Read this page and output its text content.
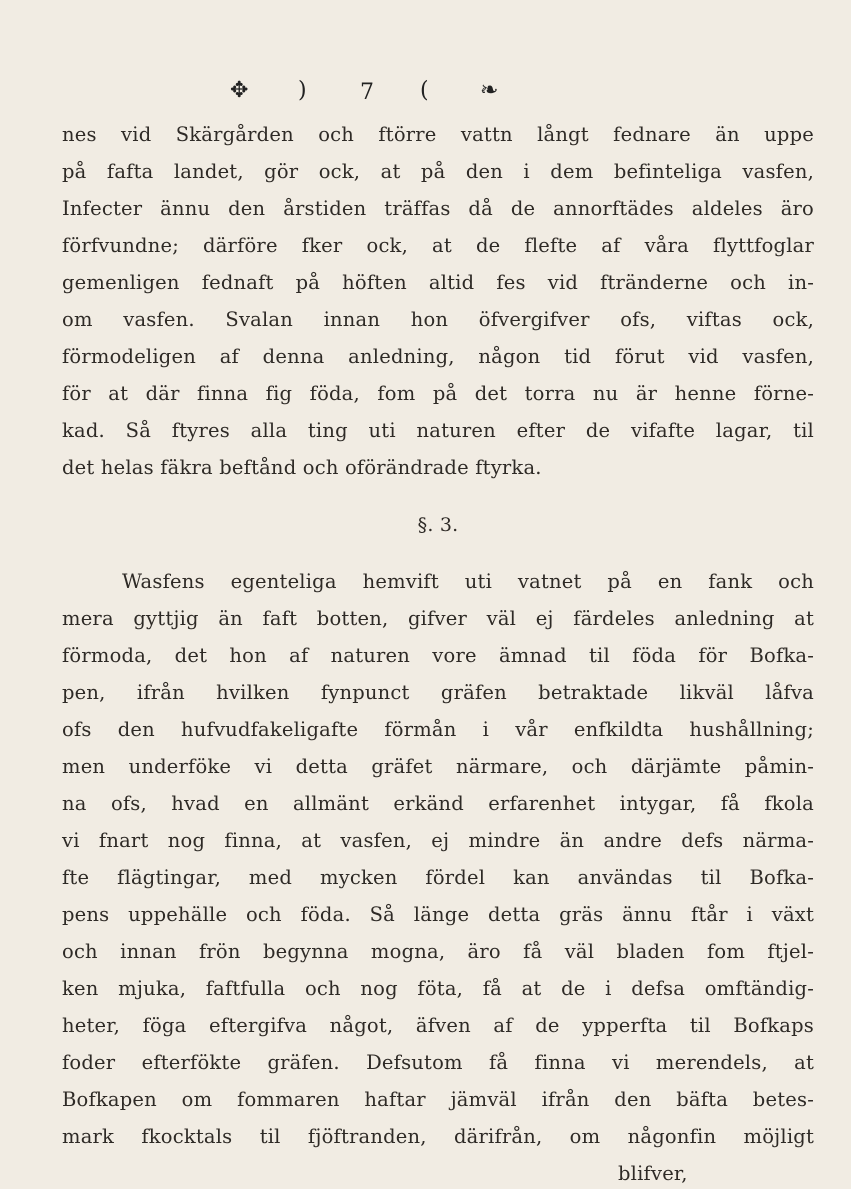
✥ ) 7 ( ❧
nes vid Skärgården och ftörre vattn långt fednare än uppe
på fafta landet, gör ock, at på den i dem befinteliga vasfen,
Infecter ännu den årstiden träffas då de annorftädes aldeles äro
förfvundne; därföre fker ock, at de flefte af våra flyttfoglar
gemenligen fednaft på höften altid fes vid ftränderne och in-
om vasfen. Svalan innan hon öfvergifver ofs, viftas ock,
förmodeligen af denna anledning, någon tid förut vid vasfen,
för at där finna fig föda, fom på det torra nu är henne förne-
kad. Så ftyres alla ting uti naturen efter de vifafte lagar, til
det helas fäkra beftånd och oförändrade ftyrka.
§. 3.
Wasfens egenteliga hemvift uti vatnet på en fank och
mera gyttjig än faft botten, gifver väl ej färdeles anledning at
förmoda, det hon af naturen vore ämnad til föda för Bofka-
pen, ifrån hvilken fynpunct gräfen betraktade likväl låfva
ofs den hufvudfakeligafte förmån i vår enfkildta hushållning;
men underföke vi detta gräfet närmare, och därjämte påmin-
na ofs, hvad en allmänt erkänd erfarenhet intygar, få fkola
vi fnart nog finna, at vasfen, ej mindre än andre defs närma-
fte flägtingar, med mycken fördel kan användas til Bofka-
pens uppehälle och föda. Så länge detta gräs ännu ftår i växt
och innan frön begynna mogna, äro få väl bladen fom ftjel-
ken mjuka, faftfulla och nog föta, få at de i defsa omftändig-
heter, föga eftergifva något, äfven af de ypperfta til Bofkaps
foder efterfökte gräfen. Defsutom få finna vi merendels, at
Bofkapen om fommaren haftar jämväl ifrån den bäfta betes-
mark fkocktals til fjöftranden, därifrån, om någonfin möjligt
blifver,
